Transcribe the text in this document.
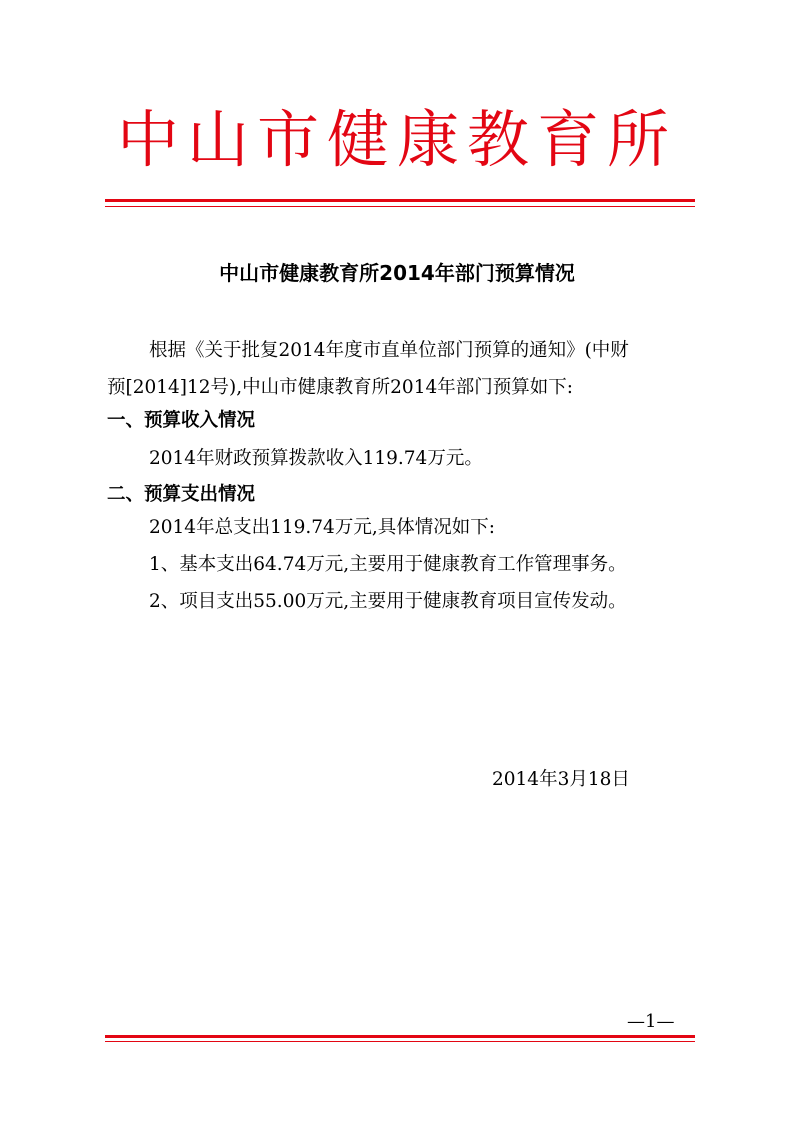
中山市健康教育所
中山市健康教育所2014年部门预算情况
根据《关于批复2014年度市直单位部门预算的通知》(中财
预[2014]12号),中山市健康教育所2014年部门预算如下:
一、预算收入情况
2014年财政预算拨款收入119.74万元。
二、预算支出情况
2014年总支出119.74万元,具体情况如下:
1、基本支出64.74万元,主要用于健康教育工作管理事务。
2、项目支出55.00万元,主要用于健康教育项目宣传发动。
2014年3月18日
—1—
